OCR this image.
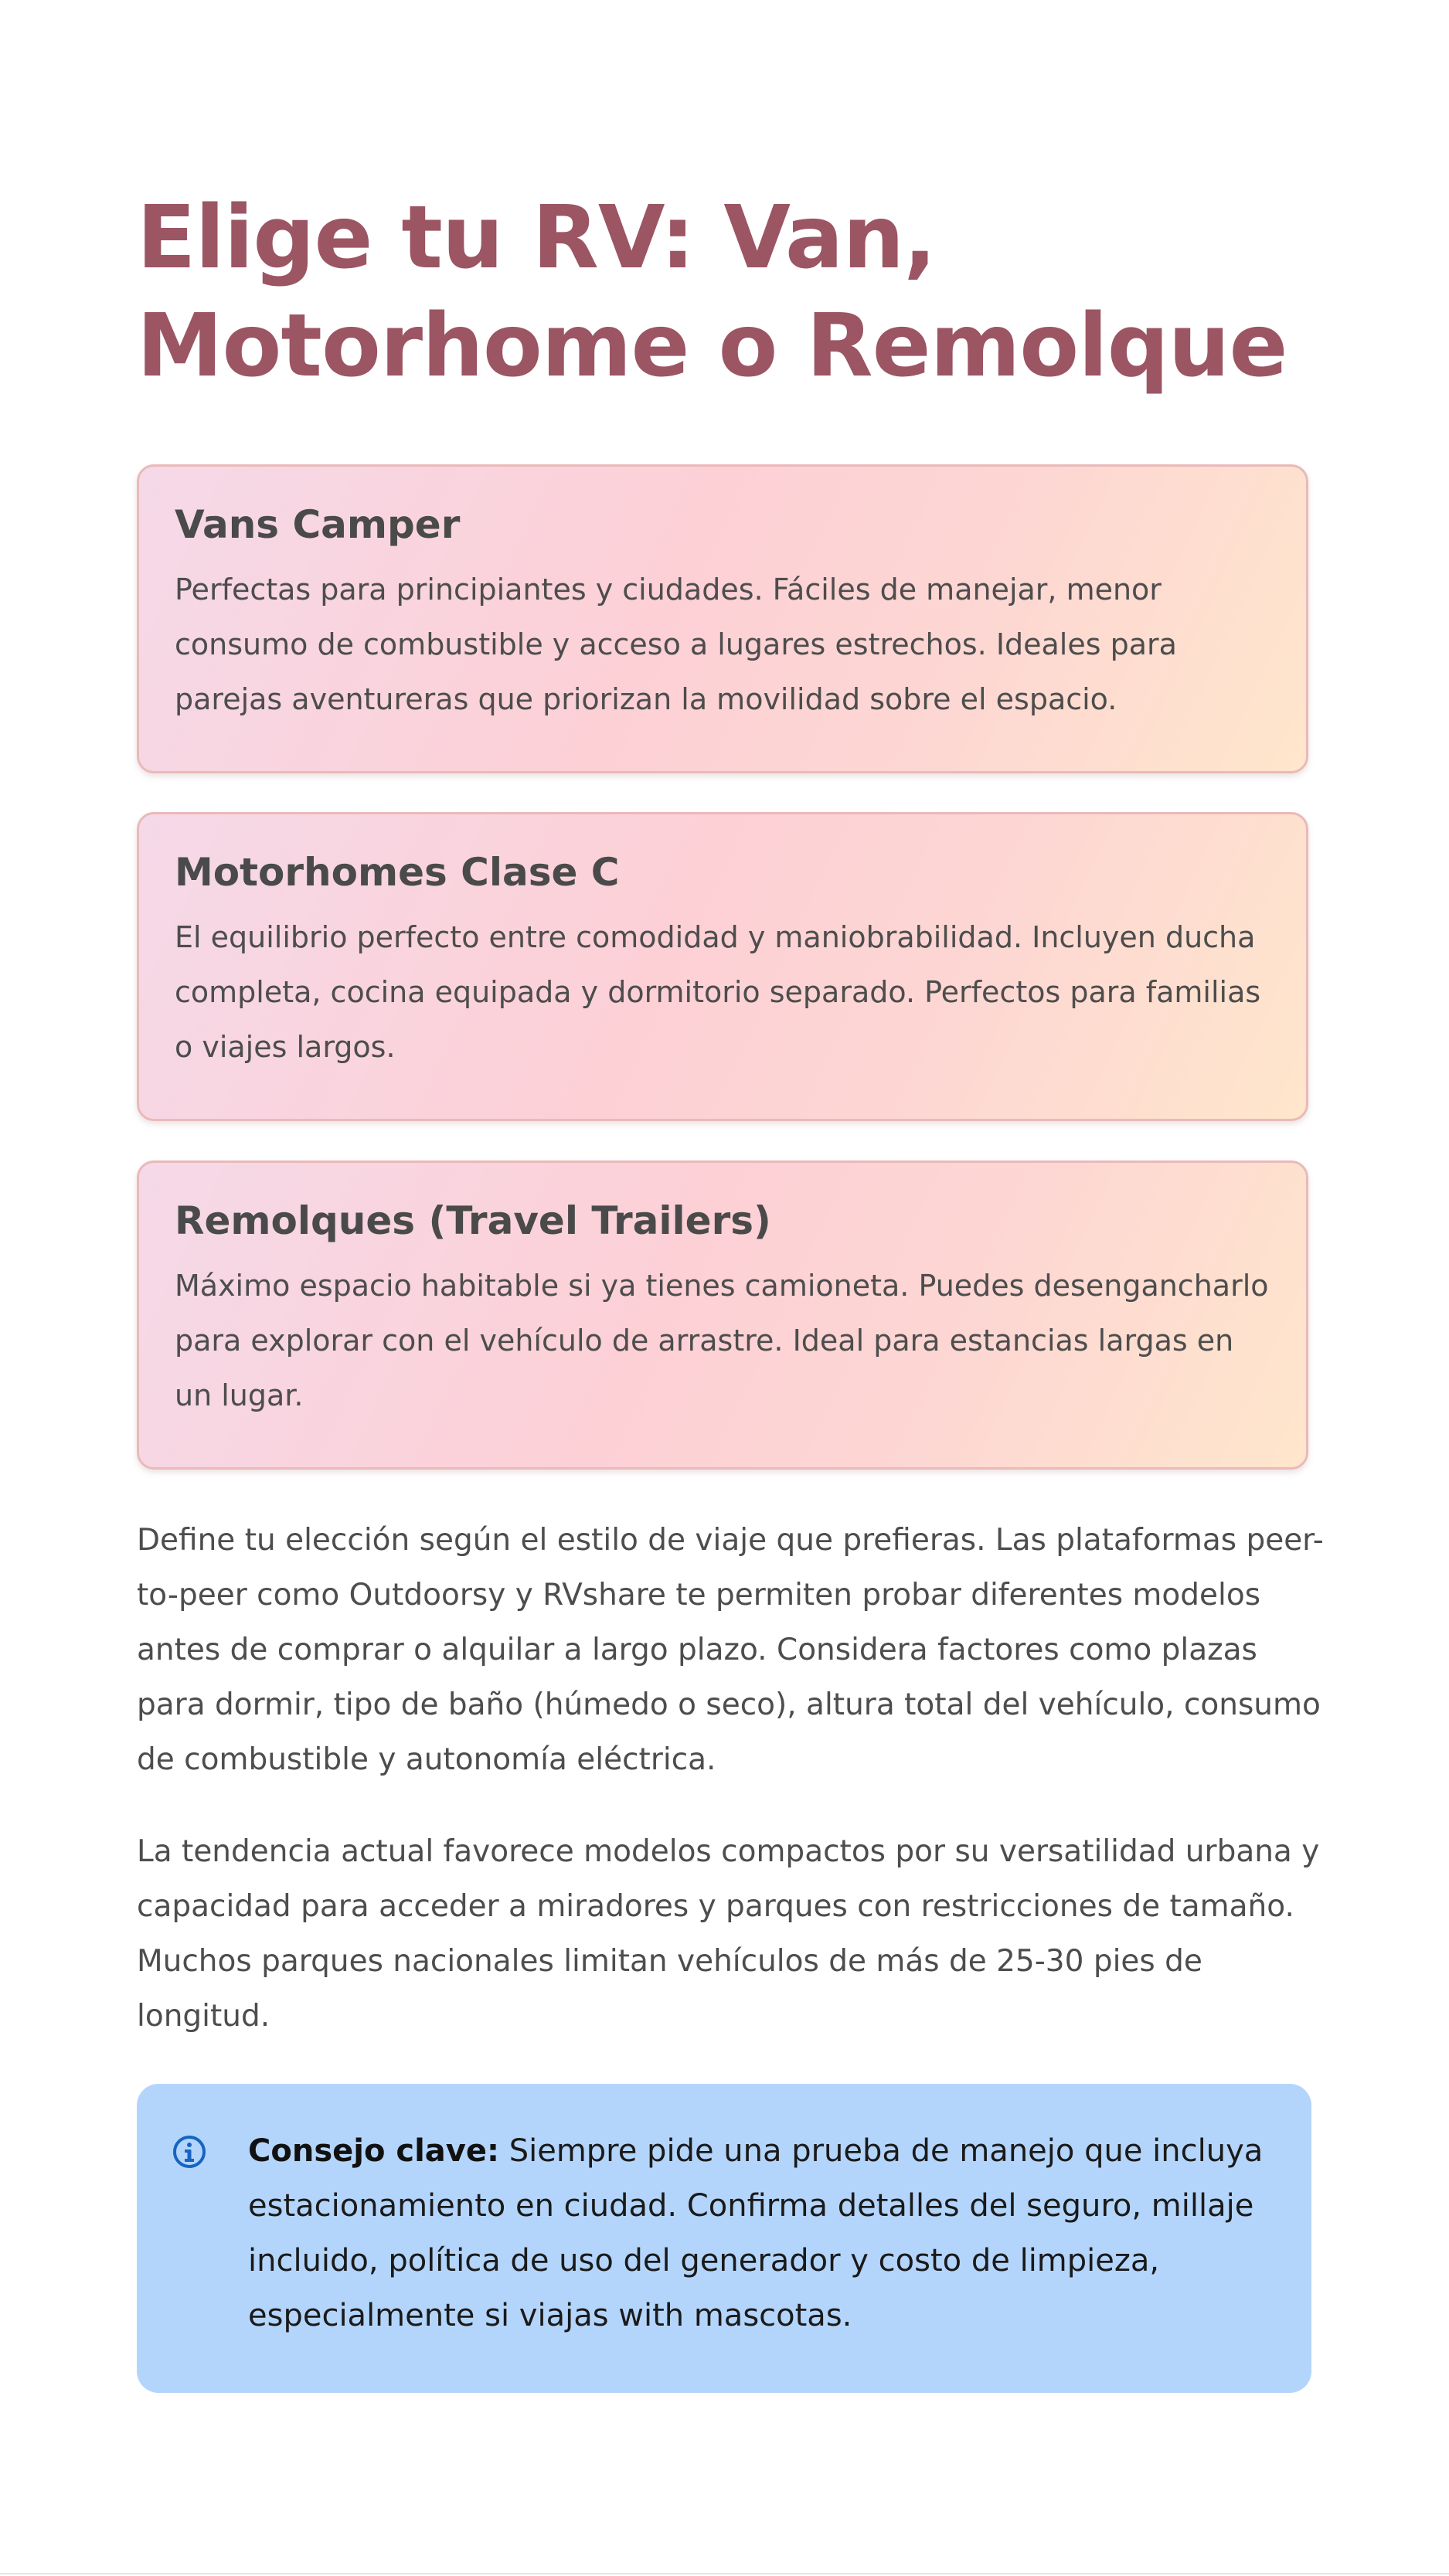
Elige tu RV: Van, Motorhome o Remolque
Vans Camper

Perfectas para principiantes y ciudades. Fáciles de manejar, menor consumo de combustible y acceso a lugares estrechos. Ideales para parejas aventureras que priorizan la movilidad sobre el espacio.

Motorhomes Clase C

El equilibrio perfecto entre comodidad y maniobrabilidad. Incluyen ducha completa, cocina equipada y dormitorio separado. Perfectos para familias o viajes largos.

Remolques (Travel Trailers)

Máximo espacio habitable si ya tienes camioneta. Puedes desengancharlo para explorar con el vehículo de arrastre. Ideal para estancias largas en un lugar.

Define tu elección según el estilo de viaje que prefieras. Las plataformas peer-to-peer como Outdoorsy y RVshare te permiten probar diferentes modelos antes de comprar o alquilar a largo plazo. Considera factores como plazas para dormir, tipo de baño (húmedo o seco), altura total del vehículo, consumo de combustible y autonomía eléctrica.

La tendencia actual favorece modelos compactos por su versatilidad urbana y capacidad para acceder a miradores y parques con restricciones de tamaño. Muchos parques nacionales limitan vehículos de más de 25-30 pies de longitud.

Consejo clave: Siempre pide una prueba de manejo que incluya estacionamiento en ciudad. Confirma detalles del seguro, millaje incluido, política de uso del generador y costo de limpieza, especialmente si viajas with mascotas.
